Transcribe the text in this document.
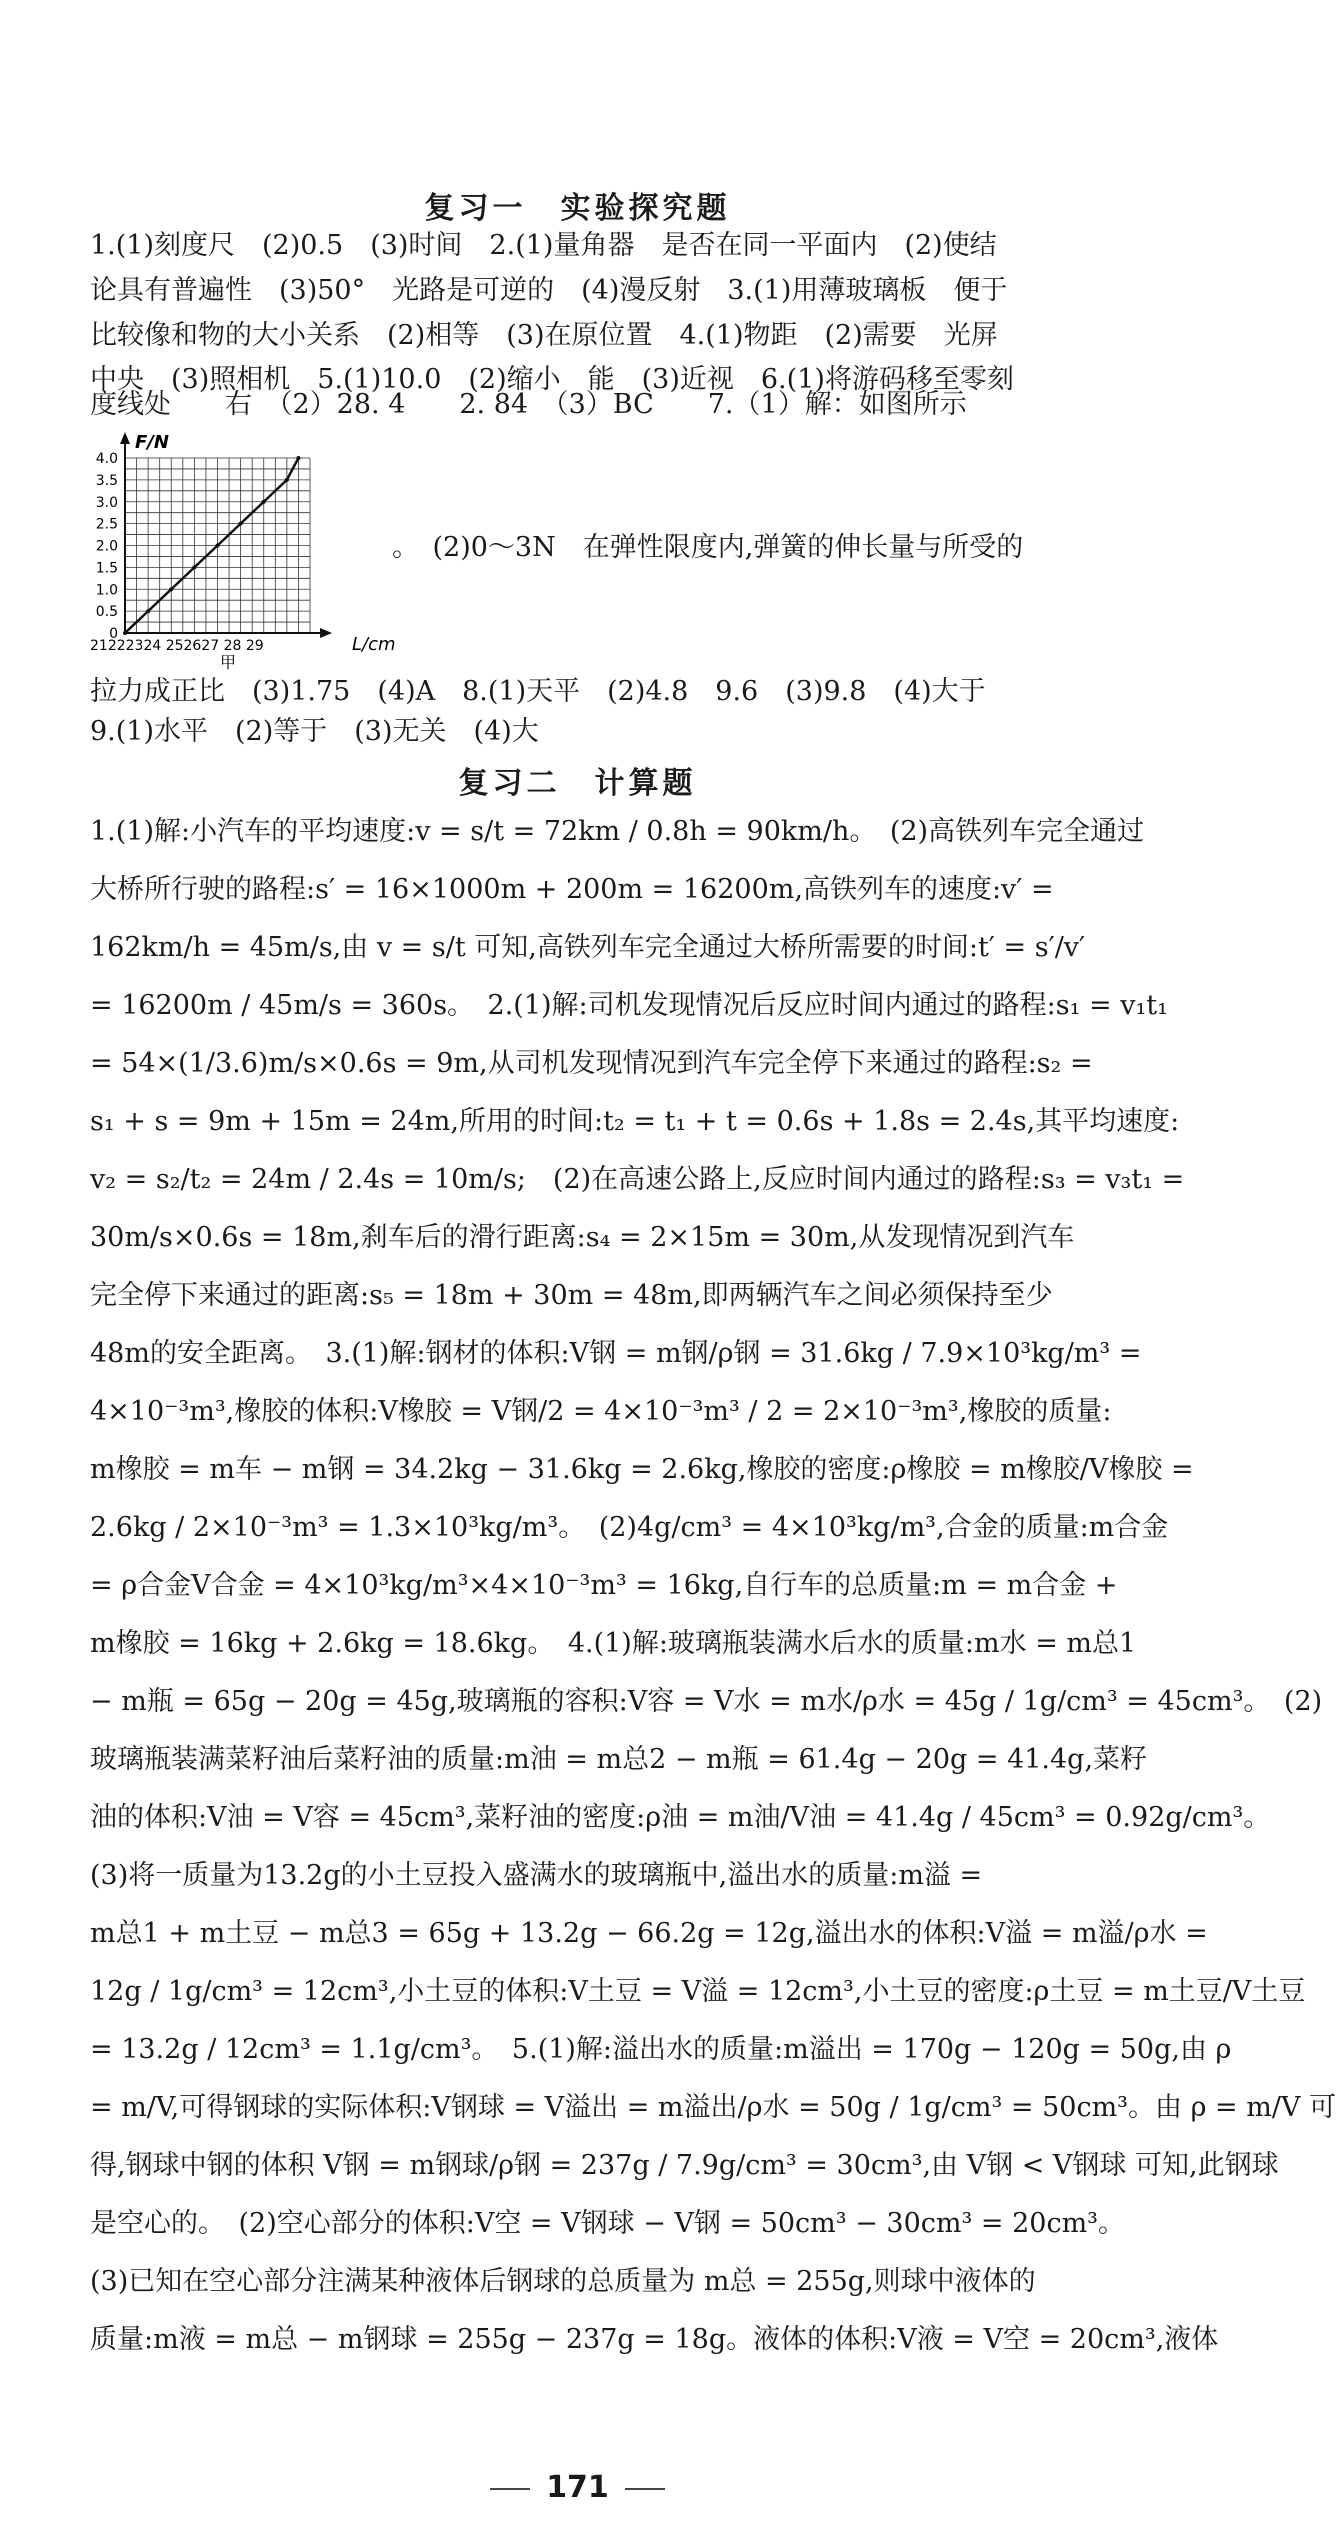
复习一　实验探究题
1.(1)刻度尺　(2)0.5　(3)时间　2.(1)量角器　是否在同一平面内　(2)使结
论具有普遍性　(3)50°　光路是可逆的　(4)漫反射　3.(1)用薄玻璃板　便于
比较像和物的大小关系　(2)相等　(3)在原位置　4.(1)物距　(2)需要　光屏
中央　(3)照相机　5.(1)10.0　(2)缩小　能　(3)近视　6.(1)将游码移至零刻
度线处　　右　（2）28. 4　　2. 84　（3）BC　　7.（1）解：如图所示
F/N
4.0
3.5
3.0
2.5
2.0
1.5
1.0
0.5
0
21222324 252627 28 29	L/cm
甲
。　(2)0～3N　在弹性限度内,弹簧的伸长量与所受的
拉力成正比　(3)1.75　(4)A　8.(1)天平　(2)4.8　9.6　(3)9.8　(4)大于
9.(1)水平　(2)等于　(3)无关　(4)大
复习二　计算题
1.(1)解:小汽车的平均速度:v = s/t = 72km / 0.8h = 90km/h。　(2)高铁列车完全通过
大桥所行驶的路程:s′ = 16×1000m + 200m = 16200m,高铁列车的速度:v′ =
162km/h = 45m/s,由 v = s/t 可知,高铁列车完全通过大桥所需要的时间:t′ = s′/v′
= 16200m / 45m/s = 360s。　2.(1)解:司机发现情况后反应时间内通过的路程:s₁ = v₁t₁
= 54×(1/3.6)m/s×0.6s = 9m,从司机发现情况到汽车完全停下来通过的路程:s₂ =
s₁ + s = 9m + 15m = 24m,所用的时间:t₂ = t₁ + t = 0.6s + 1.8s = 2.4s,其平均速度:
v₂ = s₂/t₂ = 24m / 2.4s = 10m/s;　(2)在高速公路上,反应时间内通过的路程:s₃ = v₃t₁ =
30m/s×0.6s = 18m,刹车后的滑行距离:s₄ = 2×15m = 30m,从发现情况到汽车
完全停下来通过的距离:s₅ = 18m + 30m = 48m,即两辆汽车之间必须保持至少
48m的安全距离。　3.(1)解:钢材的体积:V钢 = m钢/ρ钢 = 31.6kg / 7.9×10³kg/m³ =
4×10⁻³m³,橡胶的体积:V橡胶 = V钢/2 = 4×10⁻³m³ / 2 = 2×10⁻³m³,橡胶的质量:
m橡胶 = m车 − m钢 = 34.2kg − 31.6kg = 2.6kg,橡胶的密度:ρ橡胶 = m橡胶/V橡胶 =
2.6kg / 2×10⁻³m³ = 1.3×10³kg/m³。　(2)4g/cm³ = 4×10³kg/m³,合金的质量:m合金
= ρ合金V合金 = 4×10³kg/m³×4×10⁻³m³ = 16kg,自行车的总质量:m = m合金 +
m橡胶 = 16kg + 2.6kg = 18.6kg。　4.(1)解:玻璃瓶装满水后水的质量:m水 = m总1
− m瓶 = 65g − 20g = 45g,玻璃瓶的容积:V容 = V水 = m水/ρ水 = 45g / 1g/cm³ = 45cm³。　(2)
玻璃瓶装满菜籽油后菜籽油的质量:m油 = m总2 − m瓶 = 61.4g − 20g = 41.4g,菜籽
油的体积:V油 = V容 = 45cm³,菜籽油的密度:ρ油 = m油/V油 = 41.4g / 45cm³ = 0.92g/cm³。
(3)将一质量为13.2g的小土豆投入盛满水的玻璃瓶中,溢出水的质量:m溢 =
m总1 + m土豆 − m总3 = 65g + 13.2g − 66.2g = 12g,溢出水的体积:V溢 = m溢/ρ水 =
12g / 1g/cm³ = 12cm³,小土豆的体积:V土豆 = V溢 = 12cm³,小土豆的密度:ρ土豆 = m土豆/V土豆
= 13.2g / 12cm³ = 1.1g/cm³。　5.(1)解:溢出水的质量:m溢出 = 170g − 120g = 50g,由 ρ
= m/V,可得钢球的实际体积:V钢球 = V溢出 = m溢出/ρ水 = 50g / 1g/cm³ = 50cm³。由 ρ = m/V 可
得,钢球中钢的体积 V钢 = m钢球/ρ钢 = 237g / 7.9g/cm³ = 30cm³,由 V钢 < V钢球 可知,此钢球
是空心的。　(2)空心部分的体积:V空 = V钢球 − V钢 = 50cm³ − 30cm³ = 20cm³。
(3)已知在空心部分注满某种液体后钢球的总质量为 m总 = 255g,则球中液体的
质量:m液 = m总 − m钢球 = 255g − 237g = 18g。液体的体积:V液 = V空 = 20cm³,液体
171
